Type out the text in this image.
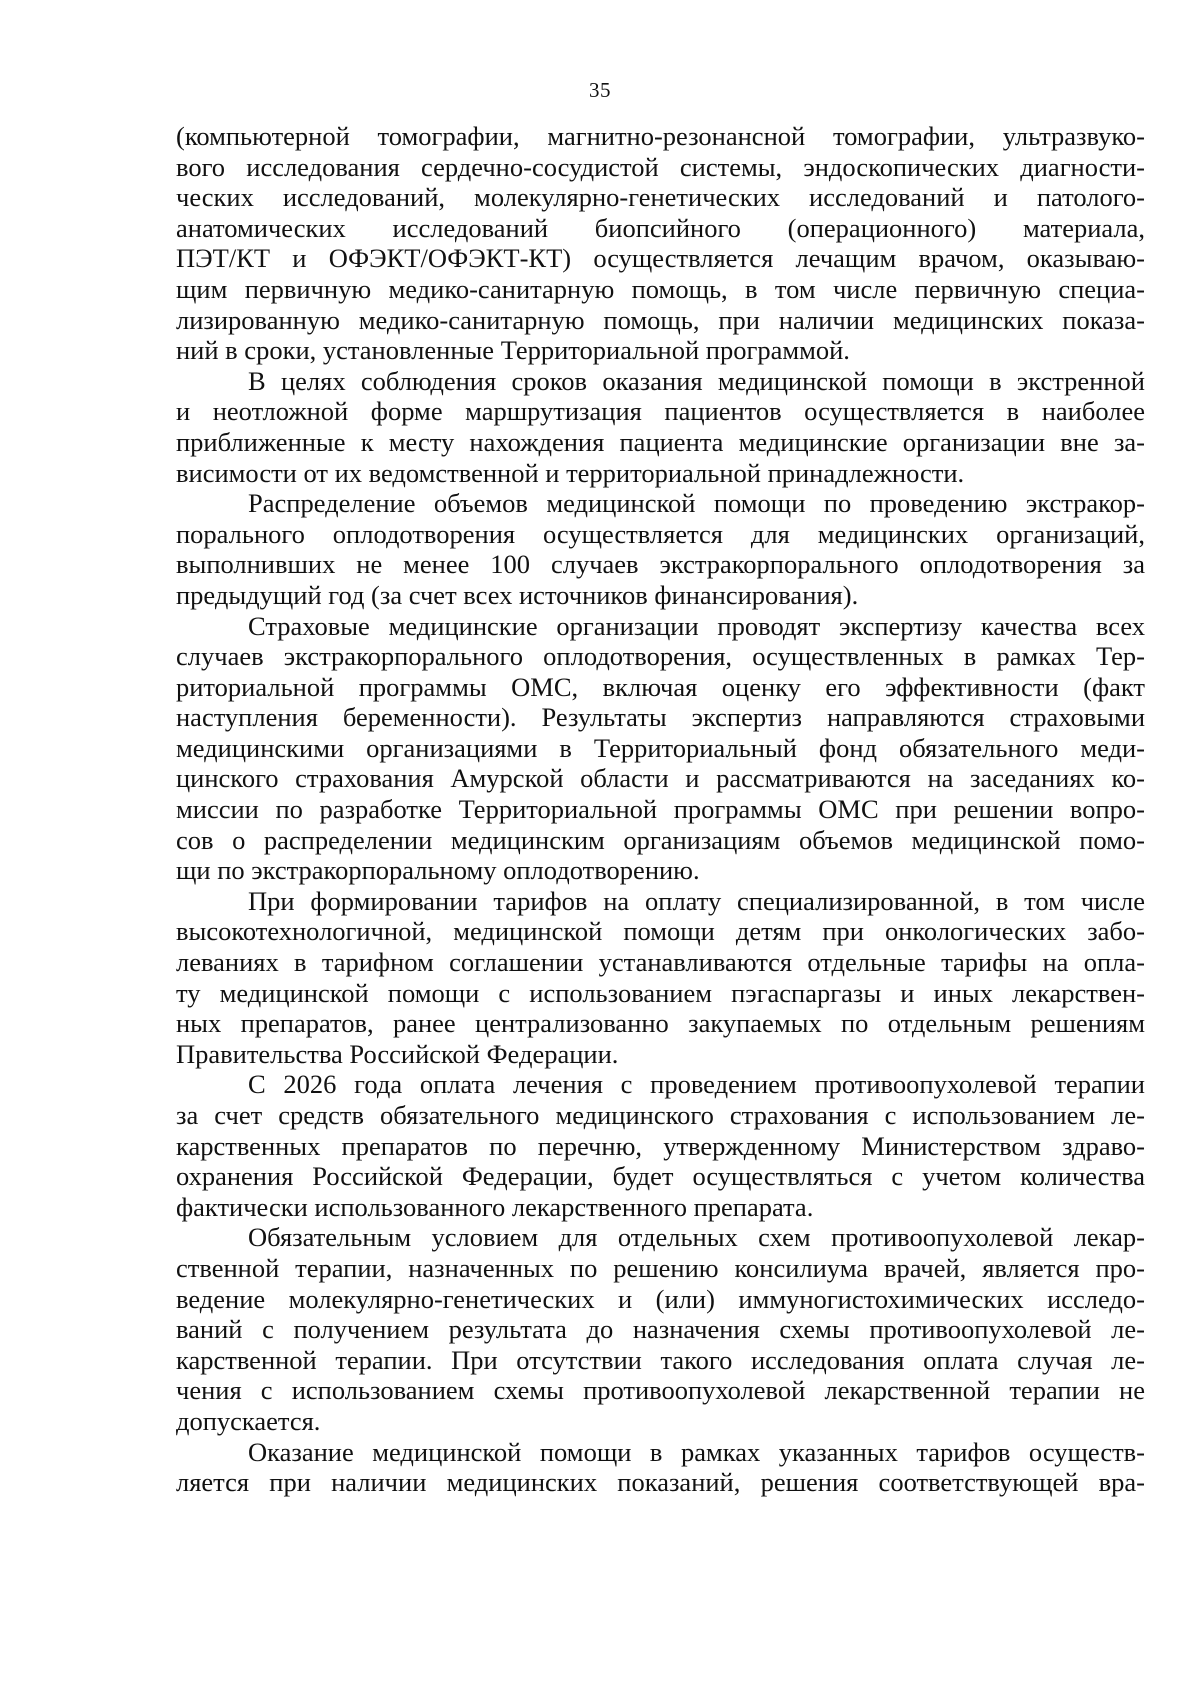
35
(компьютерной томографии, магнитно-резонансной томографии, ультразвуко-
вого исследования сердечно-сосудистой системы, эндоскопических диагности-
ческих исследований, молекулярно-генетических исследований и патолого-
анатомических исследований биопсийного (операционного) материала,
ПЭТ/КТ и ОФЭКТ/ОФЭКТ-КТ) осуществляется лечащим врачом, оказываю-
щим первичную медико-санитарную помощь, в том числе первичную специа-
лизированную медико-санитарную помощь, при наличии медицинских показа-
ний в сроки, установленные Территориальной программой.
В целях соблюдения сроков оказания медицинской помощи в экстренной
и неотложной форме маршрутизация пациентов осуществляется в наиболее
приближенные к месту нахождения пациента медицинские организации вне за-
висимости от их ведомственной и территориальной принадлежности.
Распределение объемов медицинской помощи по проведению экстракор-
порального оплодотворения осуществляется для медицинских организаций,
выполнивших не менее 100 случаев экстракорпорального оплодотворения за
предыдущий год (за счет всех источников финансирования).
Страховые медицинские организации проводят экспертизу качества всех
случаев экстракорпорального оплодотворения, осуществленных в рамках Тер-
риториальной программы ОМС, включая оценку его эффективности (факт
наступления беременности). Результаты экспертиз направляются страховыми
медицинскими организациями в Территориальный фонд обязательного меди-
цинского страхования Амурской области и рассматриваются на заседаниях ко-
миссии по разработке Территориальной программы ОМС при решении вопро-
сов о распределении медицинским организациям объемов медицинской помо-
щи по экстракорпоральному оплодотворению.
При формировании тарифов на оплату специализированной, в том числе
высокотехнологичной, медицинской помощи детям при онкологических забо-
леваниях в тарифном соглашении устанавливаются отдельные тарифы на опла-
ту медицинской помощи с использованием пэгаспаргазы и иных лекарствен-
ных препаратов, ранее централизованно закупаемых по отдельным решениям
Правительства Российской Федерации.
С 2026 года оплата лечения с проведением противоопухолевой терапии
за счет средств обязательного медицинского страхования с использованием ле-
карственных препаратов по перечню, утвержденному Министерством здраво-
охранения Российской Федерации, будет осуществляться с учетом количества
фактически использованного лекарственного препарата.
Обязательным условием для отдельных схем противоопухолевой лекар-
ственной терапии, назначенных по решению консилиума врачей, является про-
ведение молекулярно-генетических и (или) иммуногистохимических исследо-
ваний с получением результата до назначения схемы противоопухолевой ле-
карственной терапии. При отсутствии такого исследования оплата случая ле-
чения с использованием схемы противоопухолевой лекарственной терапии не
допускается.
Оказание медицинской помощи в рамках указанных тарифов осуществ-
ляется при наличии медицинских показаний, решения соответствующей вра-
